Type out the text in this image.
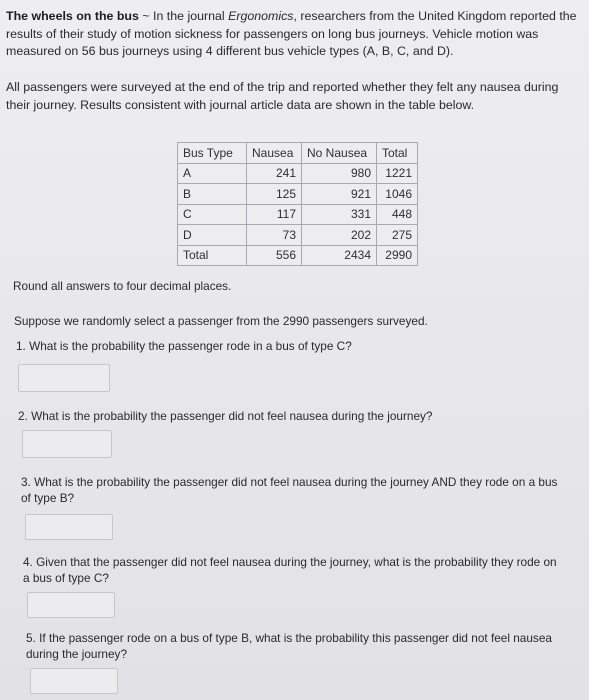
The wheels on the bus ~ In the journal Ergonomics, researchers from the United Kingdom reported the results of their study of motion sickness for passengers on long bus journeys. Vehicle motion was measured on 56 bus journeys using 4 different bus vehicle types (A, B, C, and D).
All passengers were surveyed at the end of the trip and reported whether they felt any nausea during their journey. Results consistent with journal article data are shown in the table below.
Bus Type	Nausea	No Nausea	Total
A	241	980	1221
B	125	921	1046
C	117	331	448
D	73	202	275
Total	556	2434	2990
Round all answers to four decimal places.
Suppose we randomly select a passenger from the 2990 passengers surveyed.
1. What is the probability the passenger rode in a bus of type C?
2. What is the probability the passenger did not feel nausea during the journey?
3. What is the probability the passenger did not feel nausea during the journey AND they rode on a bus of type B?
4. Given that the passenger did not feel nausea during the journey, what is the probability they rode on a bus of type C?
5. If the passenger rode on a bus of type B, what is the probability this passenger did not feel nausea during the journey?
